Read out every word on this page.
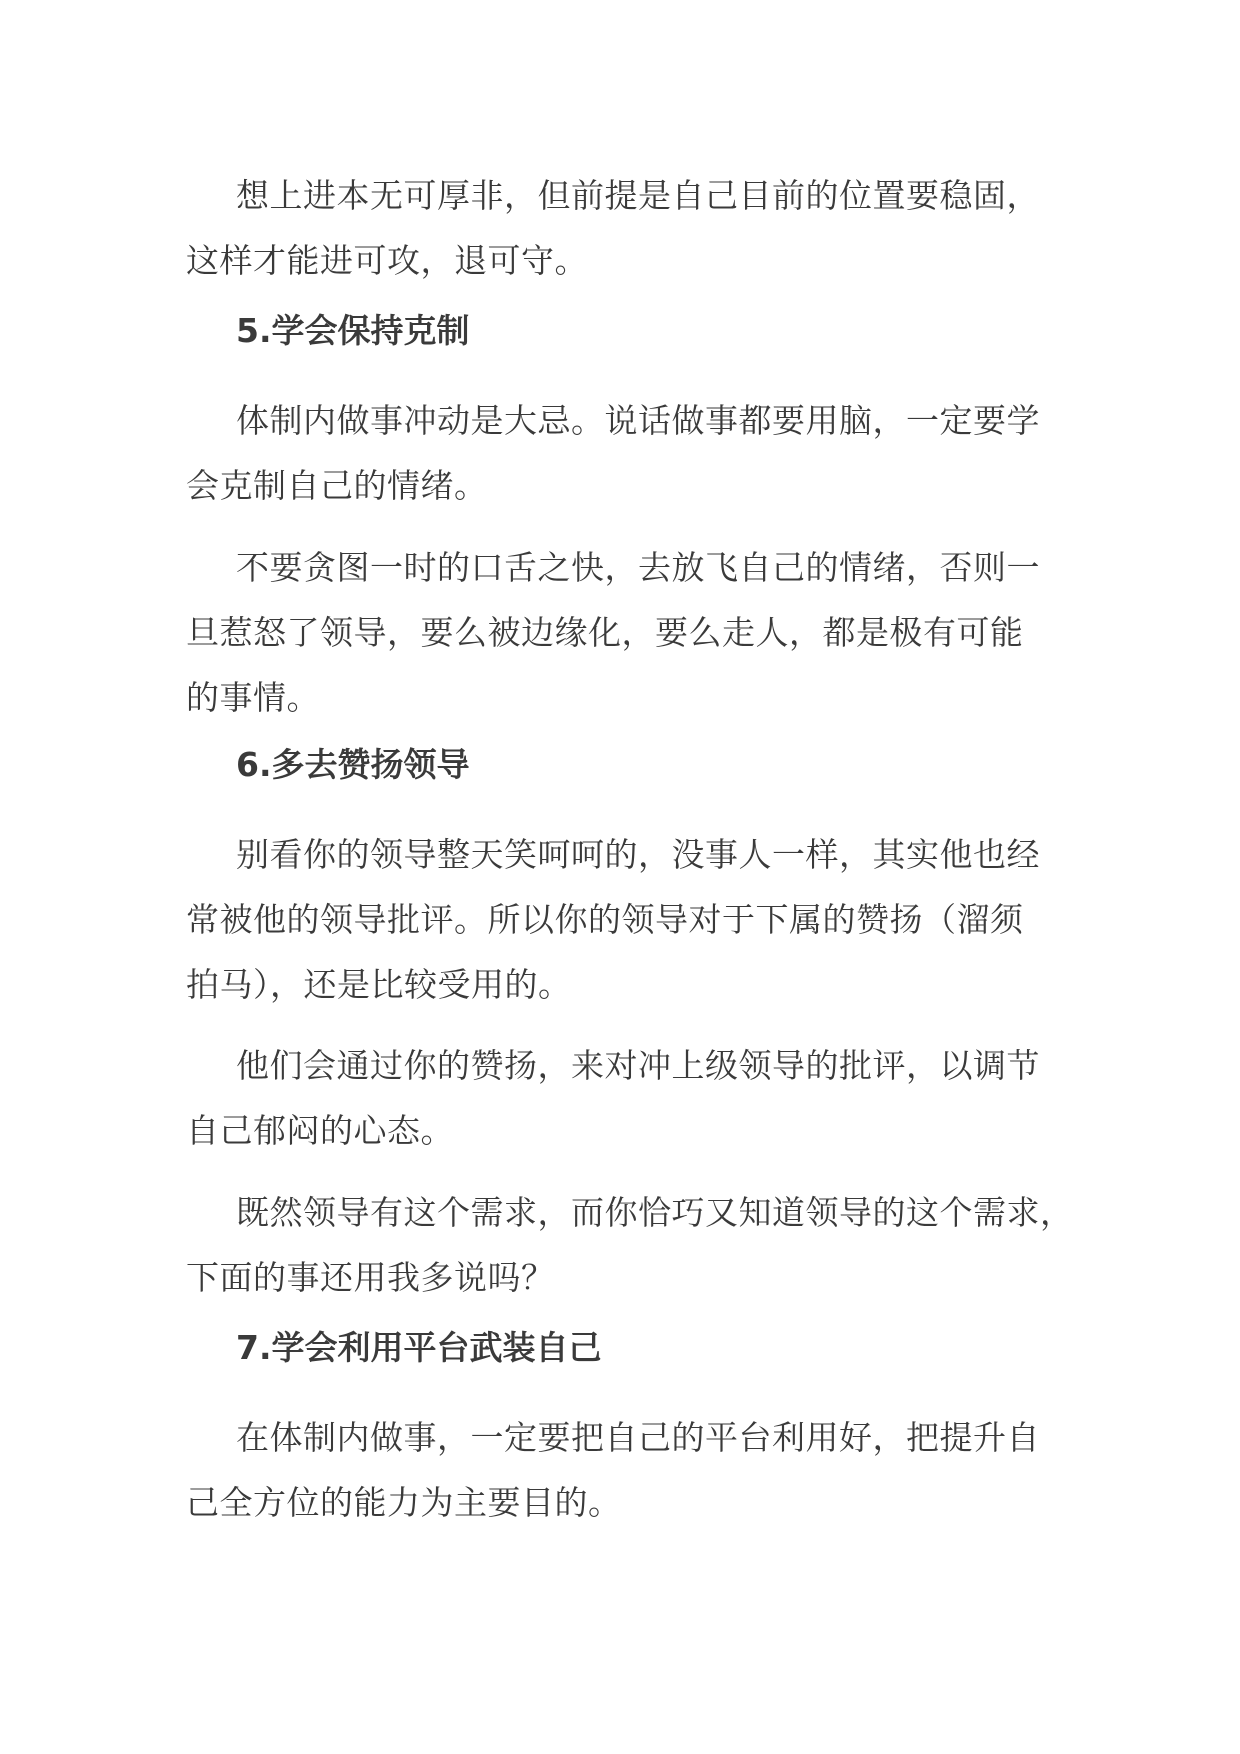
想上进本无可厚非，但前提是自己目前的位置要稳固，
这样才能进可攻，退可守。
5.学会保持克制
体制内做事冲动是大忌。说话做事都要用脑，一定要学
会克制自己的情绪。
不要贪图一时的口舌之快，去放飞自己的情绪，否则一
旦惹怒了领导，要么被边缘化，要么走人，都是极有可能
的事情。
6.多去赞扬领导
别看你的领导整天笑呵呵的，没事人一样，其实他也经
常被他的领导批评。所以你的领导对于下属的赞扬（溜须
拍马），还是比较受用的。
他们会通过你的赞扬，来对冲上级领导的批评，以调节
自己郁闷的心态。
既然领导有这个需求，而你恰巧又知道领导的这个需求，
下面的事还用我多说吗？
7.学会利用平台武装自己
在体制内做事，一定要把自己的平台利用好，把提升自
己全方位的能力为主要目的。
